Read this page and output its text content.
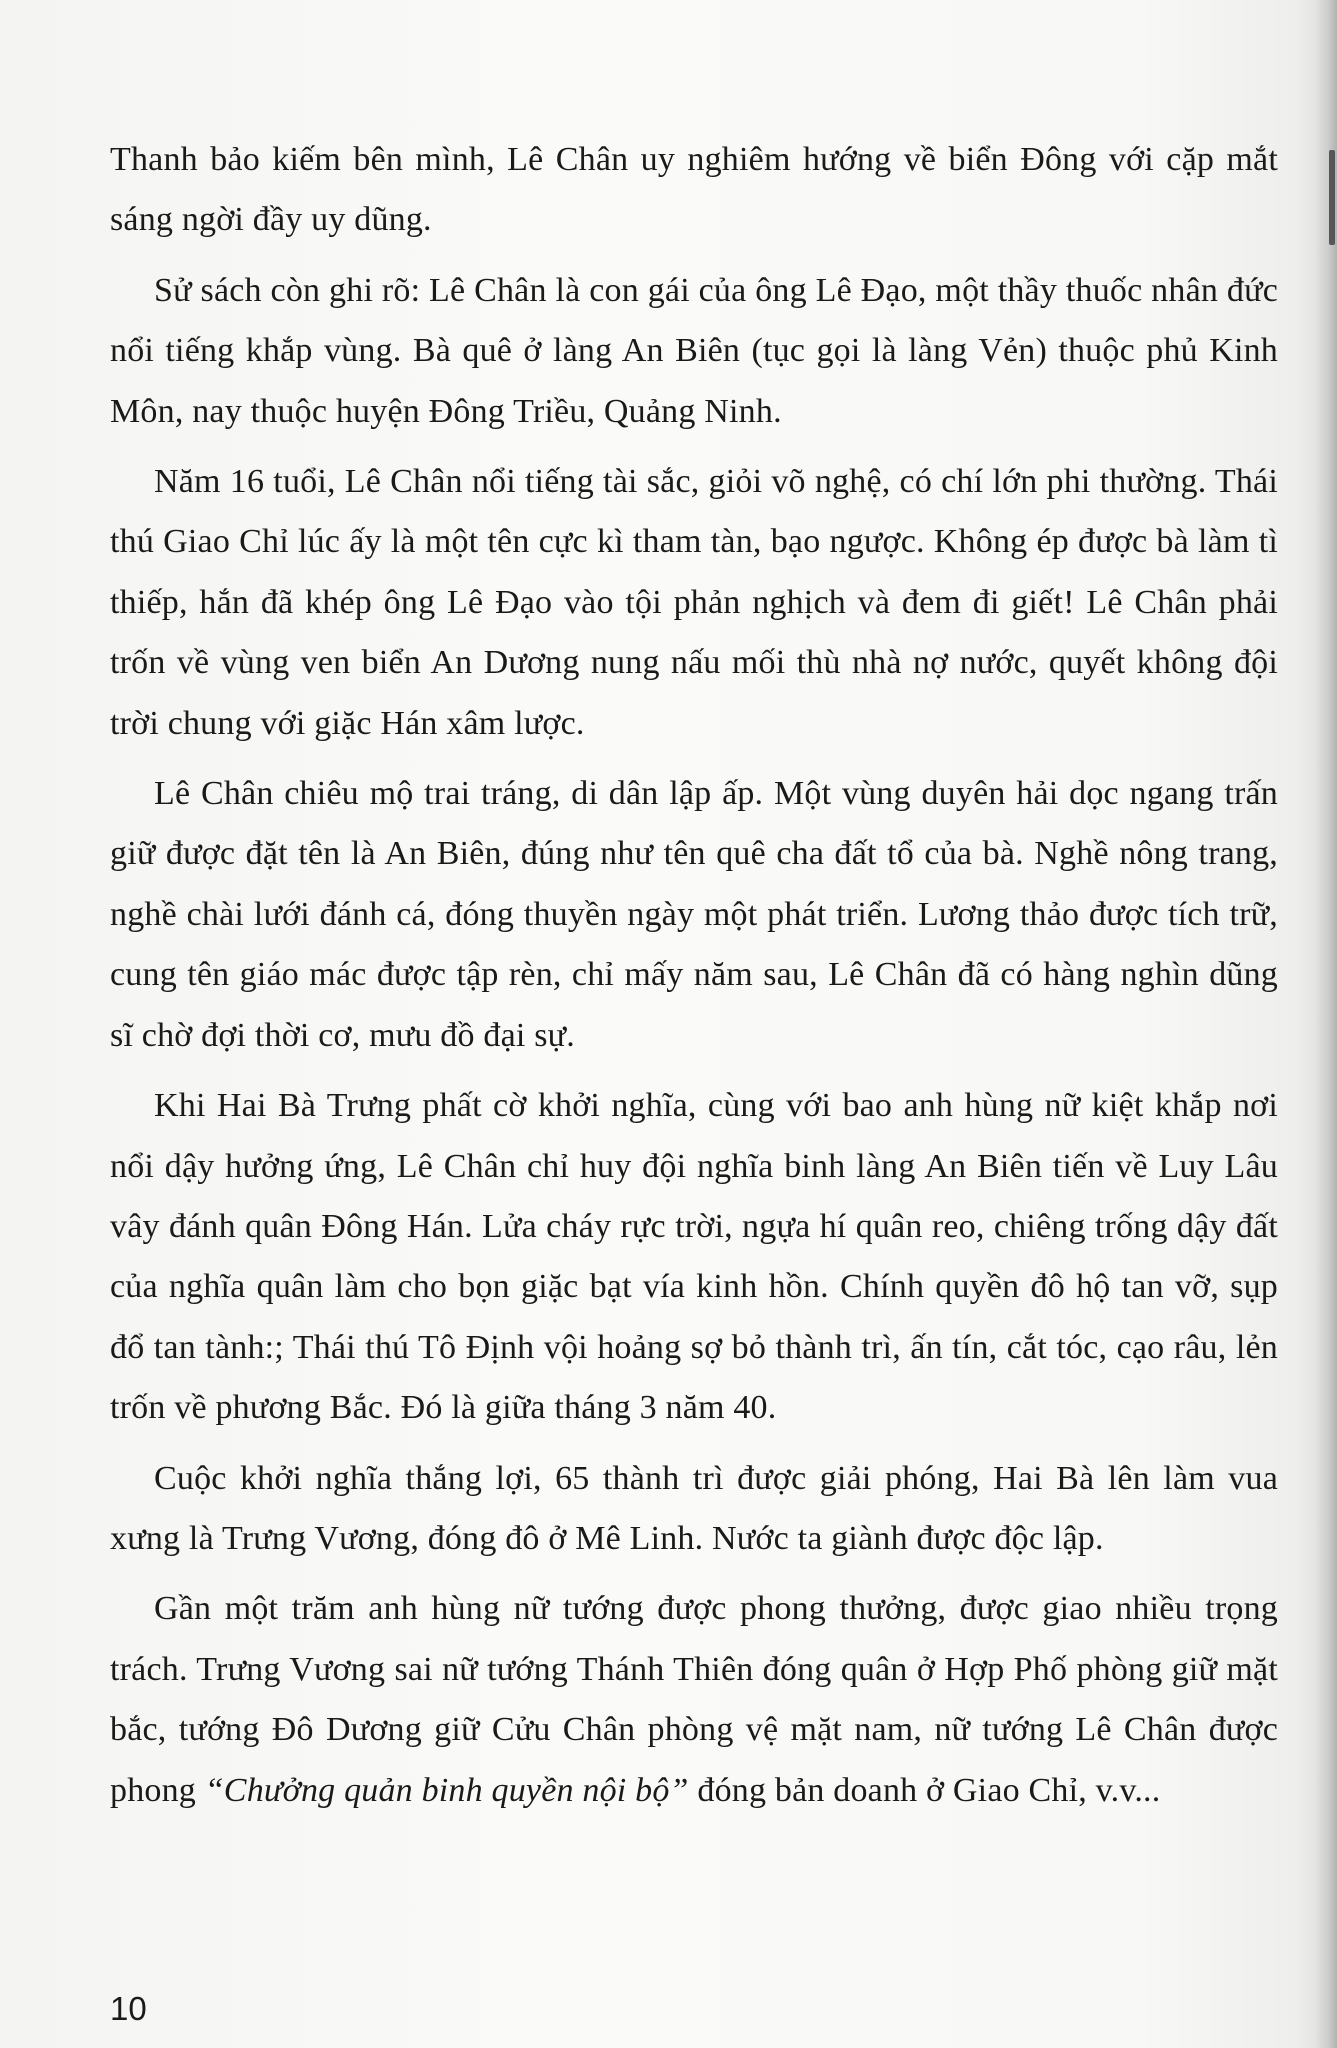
Thanh bảo kiếm bên mình, Lê Chân uy nghiêm hướng về biển Đông với cặp mắt sáng ngời đầy uy dũng.

Sử sách còn ghi rõ: Lê Chân là con gái của ông Lê Đạo, một thầy thuốc nhân đức nổi tiếng khắp vùng. Bà quê ở làng An Biên (tục gọi là làng Vẻn) thuộc phủ Kinh Môn, nay thuộc huyện Đông Triều, Quảng Ninh.

Năm 16 tuổi, Lê Chân nổi tiếng tài sắc, giỏi võ nghệ, có chí lớn phi thường. Thái thú Giao Chỉ lúc ấy là một tên cực kì tham tàn, bạo ngược. Không ép được bà làm tì thiếp, hắn đã khép ông Lê Đạo vào tội phản nghịch và đem đi giết! Lê Chân phải trốn về vùng ven biển An Dương nung nấu mối thù nhà nợ nước, quyết không đội trời chung với giặc Hán xâm lược.

Lê Chân chiêu mộ trai tráng, di dân lập ấp. Một vùng duyên hải dọc ngang trấn giữ được đặt tên là An Biên, đúng như tên quê cha đất tổ của bà. Nghề nông trang, nghề chài lưới đánh cá, đóng thuyền ngày một phát triển. Lương thảo được tích trữ, cung tên giáo mác được tập rèn, chỉ mấy năm sau, Lê Chân đã có hàng nghìn dũng sĩ chờ đợi thời cơ, mưu đồ đại sự.

Khi Hai Bà Trưng phất cờ khởi nghĩa, cùng với bao anh hùng nữ kiệt khắp nơi nổi dậy hưởng ứng, Lê Chân chỉ huy đội nghĩa binh làng An Biên tiến về Luy Lâu vây đánh quân Đông Hán. Lửa cháy rực trời, ngựa hí quân reo, chiêng trống dậy đất của nghĩa quân làm cho bọn giặc bạt vía kinh hồn. Chính quyền đô hộ tan vỡ, sụp đổ tan tành:; Thái thú Tô Định vội hoảng sợ bỏ thành trì, ấn tín, cắt tóc, cạo râu, lẻn trốn về phương Bắc. Đó là giữa tháng 3 năm 40.

Cuộc khởi nghĩa thắng lợi, 65 thành trì được giải phóng, Hai Bà lên làm vua xưng là Trưng Vương, đóng đô ở Mê Linh. Nước ta giành được độc lập.

Gần một trăm anh hùng nữ tướng được phong thưởng, được giao nhiều trọng trách. Trưng Vương sai nữ tướng Thánh Thiên đóng quân ở Hợp Phố phòng giữ mặt bắc, tướng Đô Dương giữ Cửu Chân phòng vệ mặt nam, nữ tướng Lê Chân được phong “Chưởng quản binh quyền nội bộ” đóng bản doanh ở Giao Chỉ, v.v...

10
